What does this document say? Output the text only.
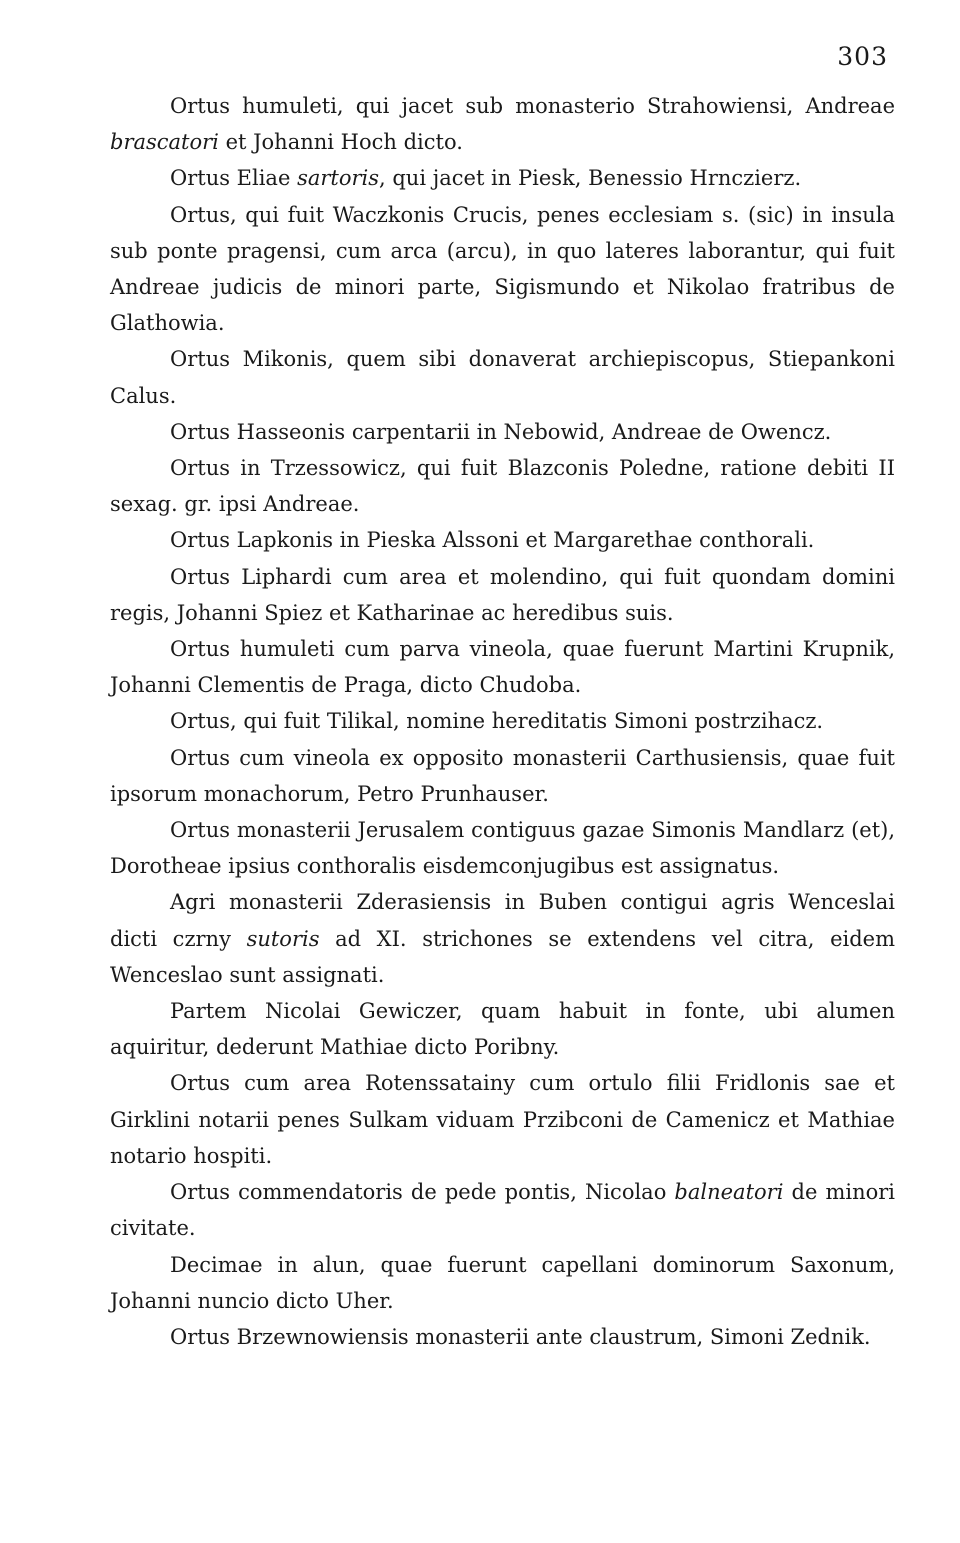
303

Ortus humuleti, qui jacet sub monasterio Strahowiensi, Andreae brascatori et Johanni Hoch dicto.

Ortus Eliae sartoris, qui jacet in Piesk, Benessio Hrnczierz.

Ortus, qui fuit Waczkonis Crucis, penes ecclesiam s. (sic) in insula sub ponte pragensi, cum arca (arcu), in quo lateres laborantur, qui fuit Andreae judicis de minori parte, Sigismundo et Nikolao fratribus de Glathowia.

Ortus Mikonis, quem sibi donaverat archiepiscopus, Stiepankoni Calus.

Ortus Hasseonis carpentarii in Nebowid, Andreae de Owencz.

Ortus in Trzessowicz, qui fuit Blazconis Poledne, ratione debiti II sexag. gr. ipsi Andreae.

Ortus Lapkonis in Pieska Alssoni et Margarethae conthorali.

Ortus Liphardi cum area et molendino, qui fuit quondam domini regis, Johanni Spiez et Katharinae ac heredibus suis.

Ortus humuleti cum parva vineola, quae fuerunt Martini Krupnik, Johanni Clementis de Praga, dicto Chudoba.

Ortus, qui fuit Tilikal, nomine hereditatis Simoni postrzihacz.

Ortus cum vineola ex opposito monasterii Carthusiensis, quae fuit ipsorum monachorum, Petro Prunhauser.

Ortus monasterii Jerusalem contiguus gazae Simonis Mandlarz (et), Dorotheae ipsius conthoralis eisdemconjugibus est assignatus.

Agri monasterii Zderasiensis in Buben contigui agris Wenceslai dicti czrny sutoris ad XI. strichones se extendens vel citra, eidem Wenceslao sunt assignati.

Partem Nicolai Gewiczer, quam habuit in fonte, ubi alumen aquiritur, dederunt Mathiae dicto Poribny.

Ortus cum area Rotenssatainy cum ortulo filii Fridlonis sae et Girklini notarii penes Sulkam viduam Przibconi de Camenicz et Mathiae notario hospiti.

Ortus commendatoris de pede pontis, Nicolao balneatori de minori civitate.

Decimae in alun, quae fuerunt capellani dominorum Saxonum, Johanni nuncio dicto Uher.

Ortus Brzewnowiensis monasterii ante claustrum, Simoni Zednik.
